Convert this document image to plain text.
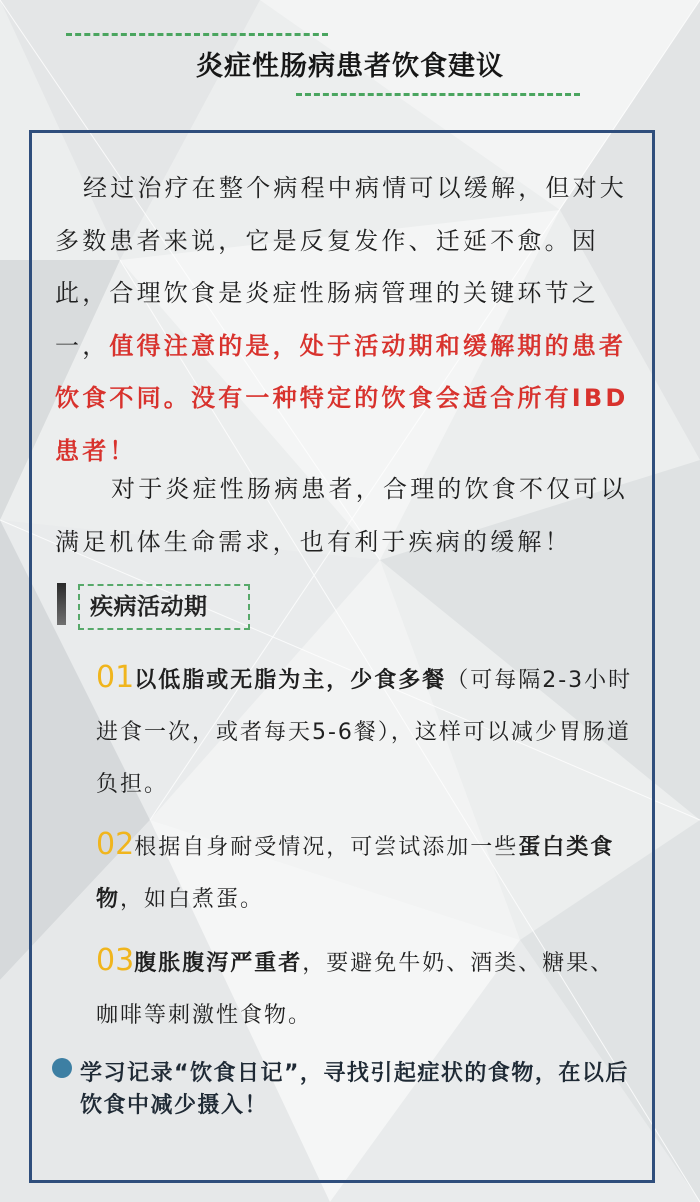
炎症性肠病患者饮食建议
经过治疗在整个病程中病情可以缓解，但对大多数患者来说，它是反复发作、迁延不愈。因此，合理饮食是炎症性肠病管理的关键环节之一，值得注意的是，处于活动期和缓解期的患者饮食不同。没有一种特定的饮食会适合所有IBD患者！
对于炎症性肠病患者，合理的饮食不仅可以满足机体生命需求，也有利于疾病的缓解！
疾病活动期
01以低脂或无脂为主，少食多餐（可每隔2-3小时进食一次，或者每天5-6餐），这样可以减少胃肠道负担。
02根据自身耐受情况，可尝试添加一些蛋白类食物，如白煮蛋。
03腹胀腹泻严重者，要避免牛奶、酒类、糖果、咖啡等刺激性食物。
学习记录“饮食日记”，寻找引起症状的食物，在以后饮食中减少摄入！
